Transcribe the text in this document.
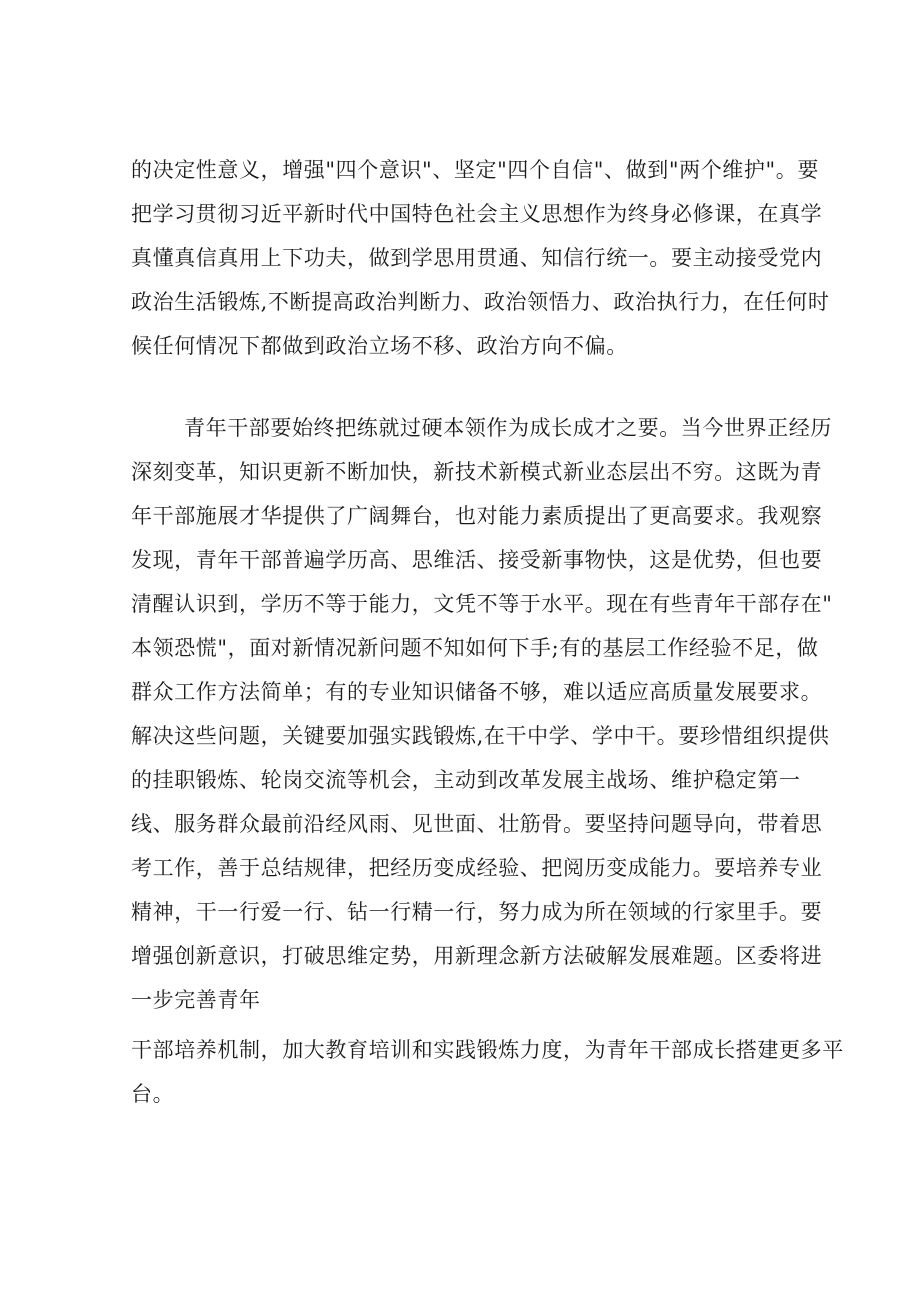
的决定性意义，增强"四个意识"、坚定"四个自信"、做到"两个维护"。要

把学习贯彻习近平新时代中国特色社会主义思想作为终身必修课，在真学

真懂真信真用上下功夫，做到学思用贯通、知信行统一。要主动接受党内

政治生活锻炼,不断提高政治判断力、政治领悟力、政治执行力，在任何时

候任何情况下都做到政治立场不移、政治方向不偏。

青年干部要始终把练就过硬本领作为成长成才之要。当今世界正经历

深刻变革，知识更新不断加快，新技术新模式新业态层出不穷。这既为青

年干部施展才华提供了广阔舞台，也对能力素质提出了更高要求。我观察

发现，青年干部普遍学历高、思维活、接受新事物快，这是优势，但也要

清醒认识到，学历不等于能力，文凭不等于水平。现在有些青年干部存在"

本领恐慌"，面对新情况新问题不知如何下手;有的基层工作经验不足，做

群众工作方法简单；有的专业知识储备不够，难以适应高质量发展要求。

解决这些问题，关键要加强实践锻炼,在干中学、学中干。要珍惜组织提供

的挂职锻炼、轮岗交流等机会，主动到改革发展主战场、维护稳定第一

线、服务群众最前沿经风雨、见世面、壮筋骨。要坚持问题导向，带着思

考工作，善于总结规律，把经历变成经验、把阅历变成能力。要培养专业

精神，干一行爱一行、钻一行精一行，努力成为所在领域的行家里手。要

增强创新意识，打破思维定势，用新理念新方法破解发展难题。区委将进

一步完善青年

干部培养机制，加大教育培训和实践锻炼力度，为青年干部成长搭建更多平

台。
